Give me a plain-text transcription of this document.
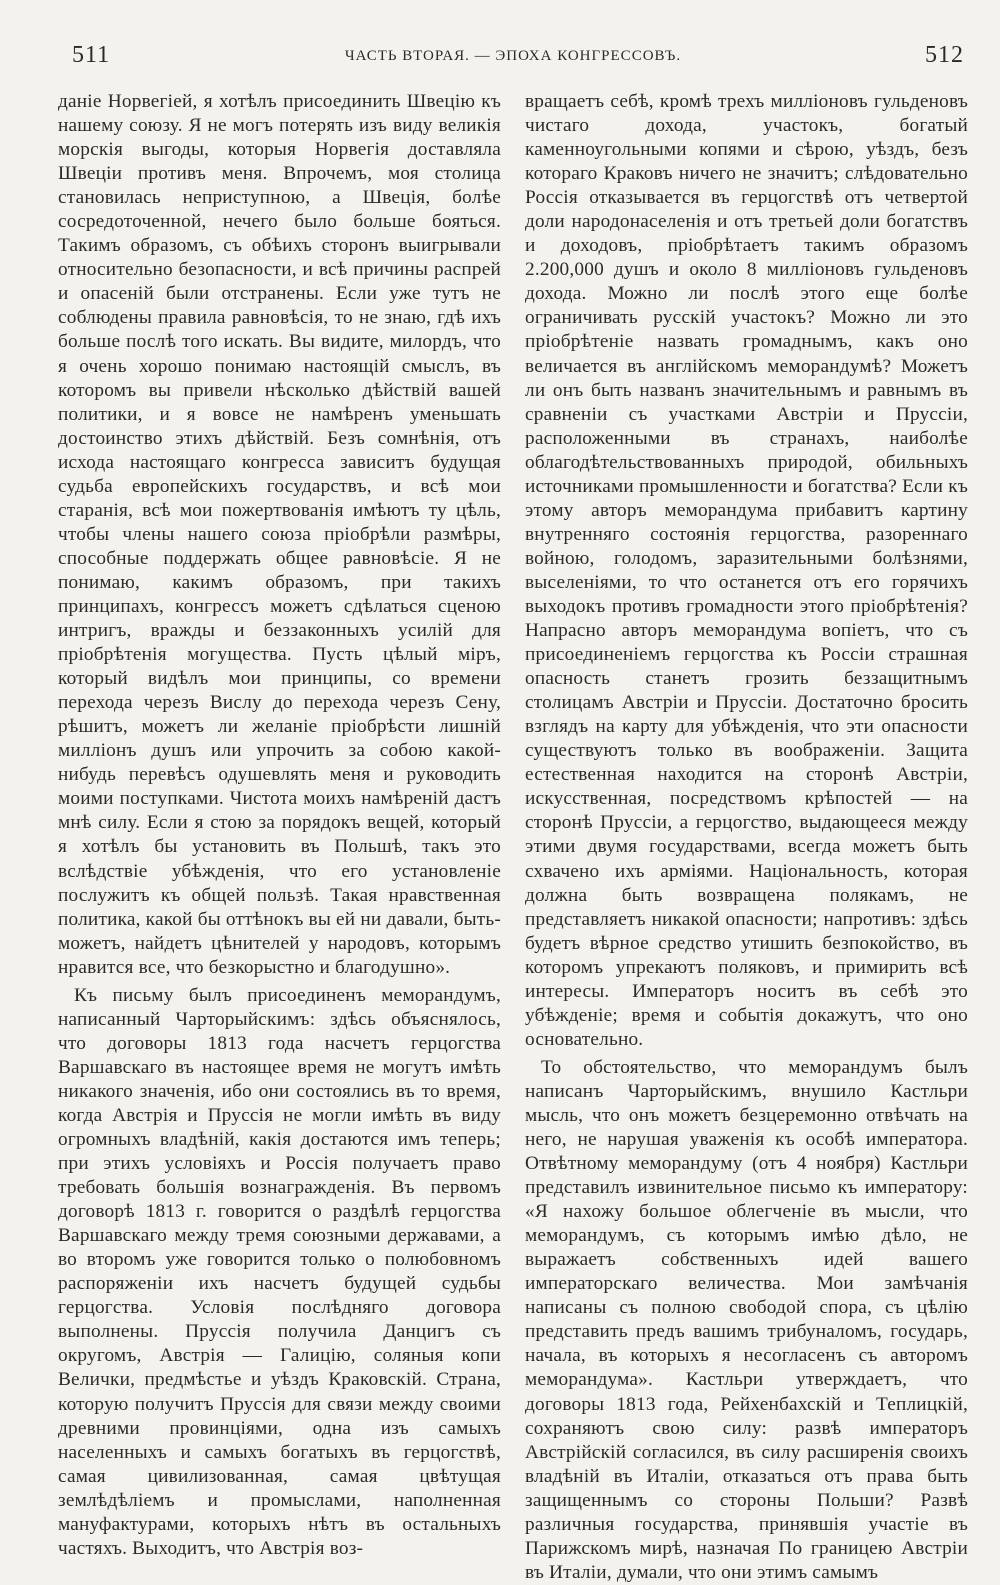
511	ЧАСТЬ ВТОРАЯ. — ЭПОХА КОНГРЕССОВЪ.	512

данiе Норвегiей, я хотѣлъ присоединить Швецiю къ нашему союзу. Я не могъ потерять изъ виду великiя морскiя выгоды, которыя Норвегiя доставляла Швецiи противъ меня. Впрочемъ, моя столица становилась неприступною, а Швецiя, болѣе сосредоточенной, нечего было больше бояться. Такимъ образомъ, съ обѣихъ сторонъ выигрывали относительно безопасности, и всѣ причины распрей и опасенiй были отстранены. Если уже тутъ не соблюдены правила равновѣсiя, то не знаю, гдѣ ихъ больше послѣ того искать. Вы видите, милордъ, что я очень хорошо понимаю настоящiй смыслъ, въ которомъ вы привели нѣсколько дѣйствiй вашей политики, и я вовсе не намѣренъ уменьшать достоинство этихъ дѣйствiй. Безъ сомнѣнiя, отъ исхода настоящаго конгресса зависитъ будущая судьба европейскихъ государствъ, и всѣ мои старанiя, всѣ мои пожертвованiя имѣютъ ту цѣль, чтобы члены нашего союза прiобрѣли размѣры, способные поддержать общее равновѣсiе. Я не понимаю, какимъ образомъ, при такихъ принципахъ, конгрессъ можетъ сдѣлаться сценою интригъ, вражды и беззаконныхъ усилiй для прiобрѣтенiя могущества. Пусть цѣлый мiръ, который видѣлъ мои принципы, со времени перехода черезъ Вислу до перехода черезъ Сену, рѣшитъ, можетъ ли желанiе прiобрѣсти лишнiй миллiонъ душъ или упрочить за собою какой-нибудь перевѣсъ одушевлять меня и руководить моими поступками. Чистота моихъ намѣренiй дастъ мнѣ силу. Если я стою за порядокъ вещей, который я хотѣлъ бы установить въ Польшѣ, такъ это вслѣдствiе убѣжденiя, что его установленiе послужитъ къ общей пользѣ. Такая нравственная политика, какой бы оттѣнокъ вы ей ни давали, быть-можетъ, найдетъ цѣнителей у народовъ, которымъ нравится все, что безкорыстно и благодушно».

Къ письму былъ присоединенъ меморандумъ, написанный Чарторыйскимъ: здѣсь объяснялось, что договоры 1813 года насчетъ герцогства Варшавскаго въ настоящее время не могутъ имѣть никакого значенiя, ибо они состоялись въ то время, когда Австрiя и Пруссiя не могли имѣть въ виду огромныхъ владѣнiй, какiя достаются имъ теперь; при этихъ условiяхъ и Россiя получаетъ право требовать большiя вознагражденiя. Въ первомъ договорѣ 1813 г. говорится о раздѣлѣ герцогства Варшавскаго между тремя союзными державами, а во второмъ уже говорится только о полюбовномъ распоряженiи ихъ насчетъ будущей судьбы герцогства. Условiя послѣдняго договора выполнены. Пруссiя получила Данцигъ съ округомъ, Австрiя — Галицiю, соляныя копи Велички, предмѣстье и уѣздъ Краковскiй. Страна, которую получитъ Пруссiя для связи между своими древними провинцiями, одна изъ самыхъ населенныхъ и самыхъ богатыхъ въ герцогствѣ, самая цивилизованная, самая цвѣтущая землѣдѣлiемъ и промыслами, наполненная мануфактурами, которыхъ нѣтъ въ остальныхъ частяхъ. Выходитъ, что Австрiя воз-

вращаетъ себѣ, кромѣ трехъ миллiоновъ гульденовъ чистаго дохода, участокъ, богатый каменноугольными копями и сѣрою, уѣздъ, безъ котораго Краковъ ничего не значитъ; слѣдовательно Россiя отказывается въ герцогствѣ отъ четвертой доли народонаселенiя и отъ третьей доли богатствъ и доходовъ, прiобрѣтаетъ такимъ образомъ 2.200,000 душъ и около 8 миллiоновъ гульденовъ дохода. Можно ли послѣ этого еще болѣе ограничивать русскiй участокъ? Можно ли это прiобрѣтенiе назвать громаднымъ, какъ оно величается въ англiйскомъ меморандумѣ? Можетъ ли онъ быть названъ значительнымъ и равнымъ въ сравненiи съ участками Австрiи и Пруссiи, расположенными въ странахъ, наиболѣе облагодѣтельствованныхъ природой, обильныхъ источниками промышленности и богатства? Если къ этому авторъ меморандума прибавитъ картину внутренняго состоянiя герцогства, разореннаго войною, голодомъ, заразительными болѣзнями, выселенiями, то что останется отъ его горячихъ выходокъ противъ громадности этого прiобрѣтенiя? Напрасно авторъ меморандума вопiетъ, что съ присоединенiемъ герцогства къ Россiи страшная опасность станетъ грозить беззащитнымъ столицамъ Австрiи и Пруссiи. Достаточно бросить взглядъ на карту для убѣжденiя, что эти опасности существуютъ только въ воображенiи. Защита естественная находится на сторонѣ Австрiи, искусственная, посредствомъ крѣпостей — на сторонѣ Пруссiи, а герцогство, выдающееся между этими двумя государствами, всегда можетъ быть схвачено ихъ армiями. Нацiональность, которая должна быть возвращена полякамъ, не представляетъ никакой опасности; напротивъ: здѣсь будетъ вѣрное средство утишить безпокойство, въ которомъ упрекаютъ поляковъ, и примирить всѣ интересы. Императоръ носитъ въ себѣ это убѣжденiе; время и событiя докажутъ, что оно основательно.

То обстоятельство, что меморандумъ былъ написанъ Чарторыйскимъ, внушило Кастльри мысль, что онъ можетъ безцеремонно отвѣчать на него, не нарушая уваженiя къ особѣ императора. Отвѣтному меморандуму (отъ 4 ноября) Кастльри представилъ извинительное письмо къ императору: «Я нахожу большое облегченiе въ мысли, что меморандумъ, съ которымъ имѣю дѣло, не выражаетъ собственныхъ идей вашего императорскаго величества. Мои замѣчанiя написаны съ полною свободой спора, съ цѣлiю представить предъ вашимъ трибуналомъ, государь, начала, въ которыхъ я несогласенъ съ авторомъ меморандума». Кастльри утверждаетъ, что договоры 1813 года, Рейхенбахскiй и Теплицкiй, сохраняютъ свою силу: развѣ императоръ Австрiйскiй согласился, въ силу расширенiя своихъ владѣнiй въ Италiи, отказаться отъ права быть защищеннымъ со стороны Польши? Развѣ различныя государства, принявшiя участiе въ Парижскомъ мирѣ, назначая По границею Австрiи въ Италiи, думали, что они этимъ самымъ
